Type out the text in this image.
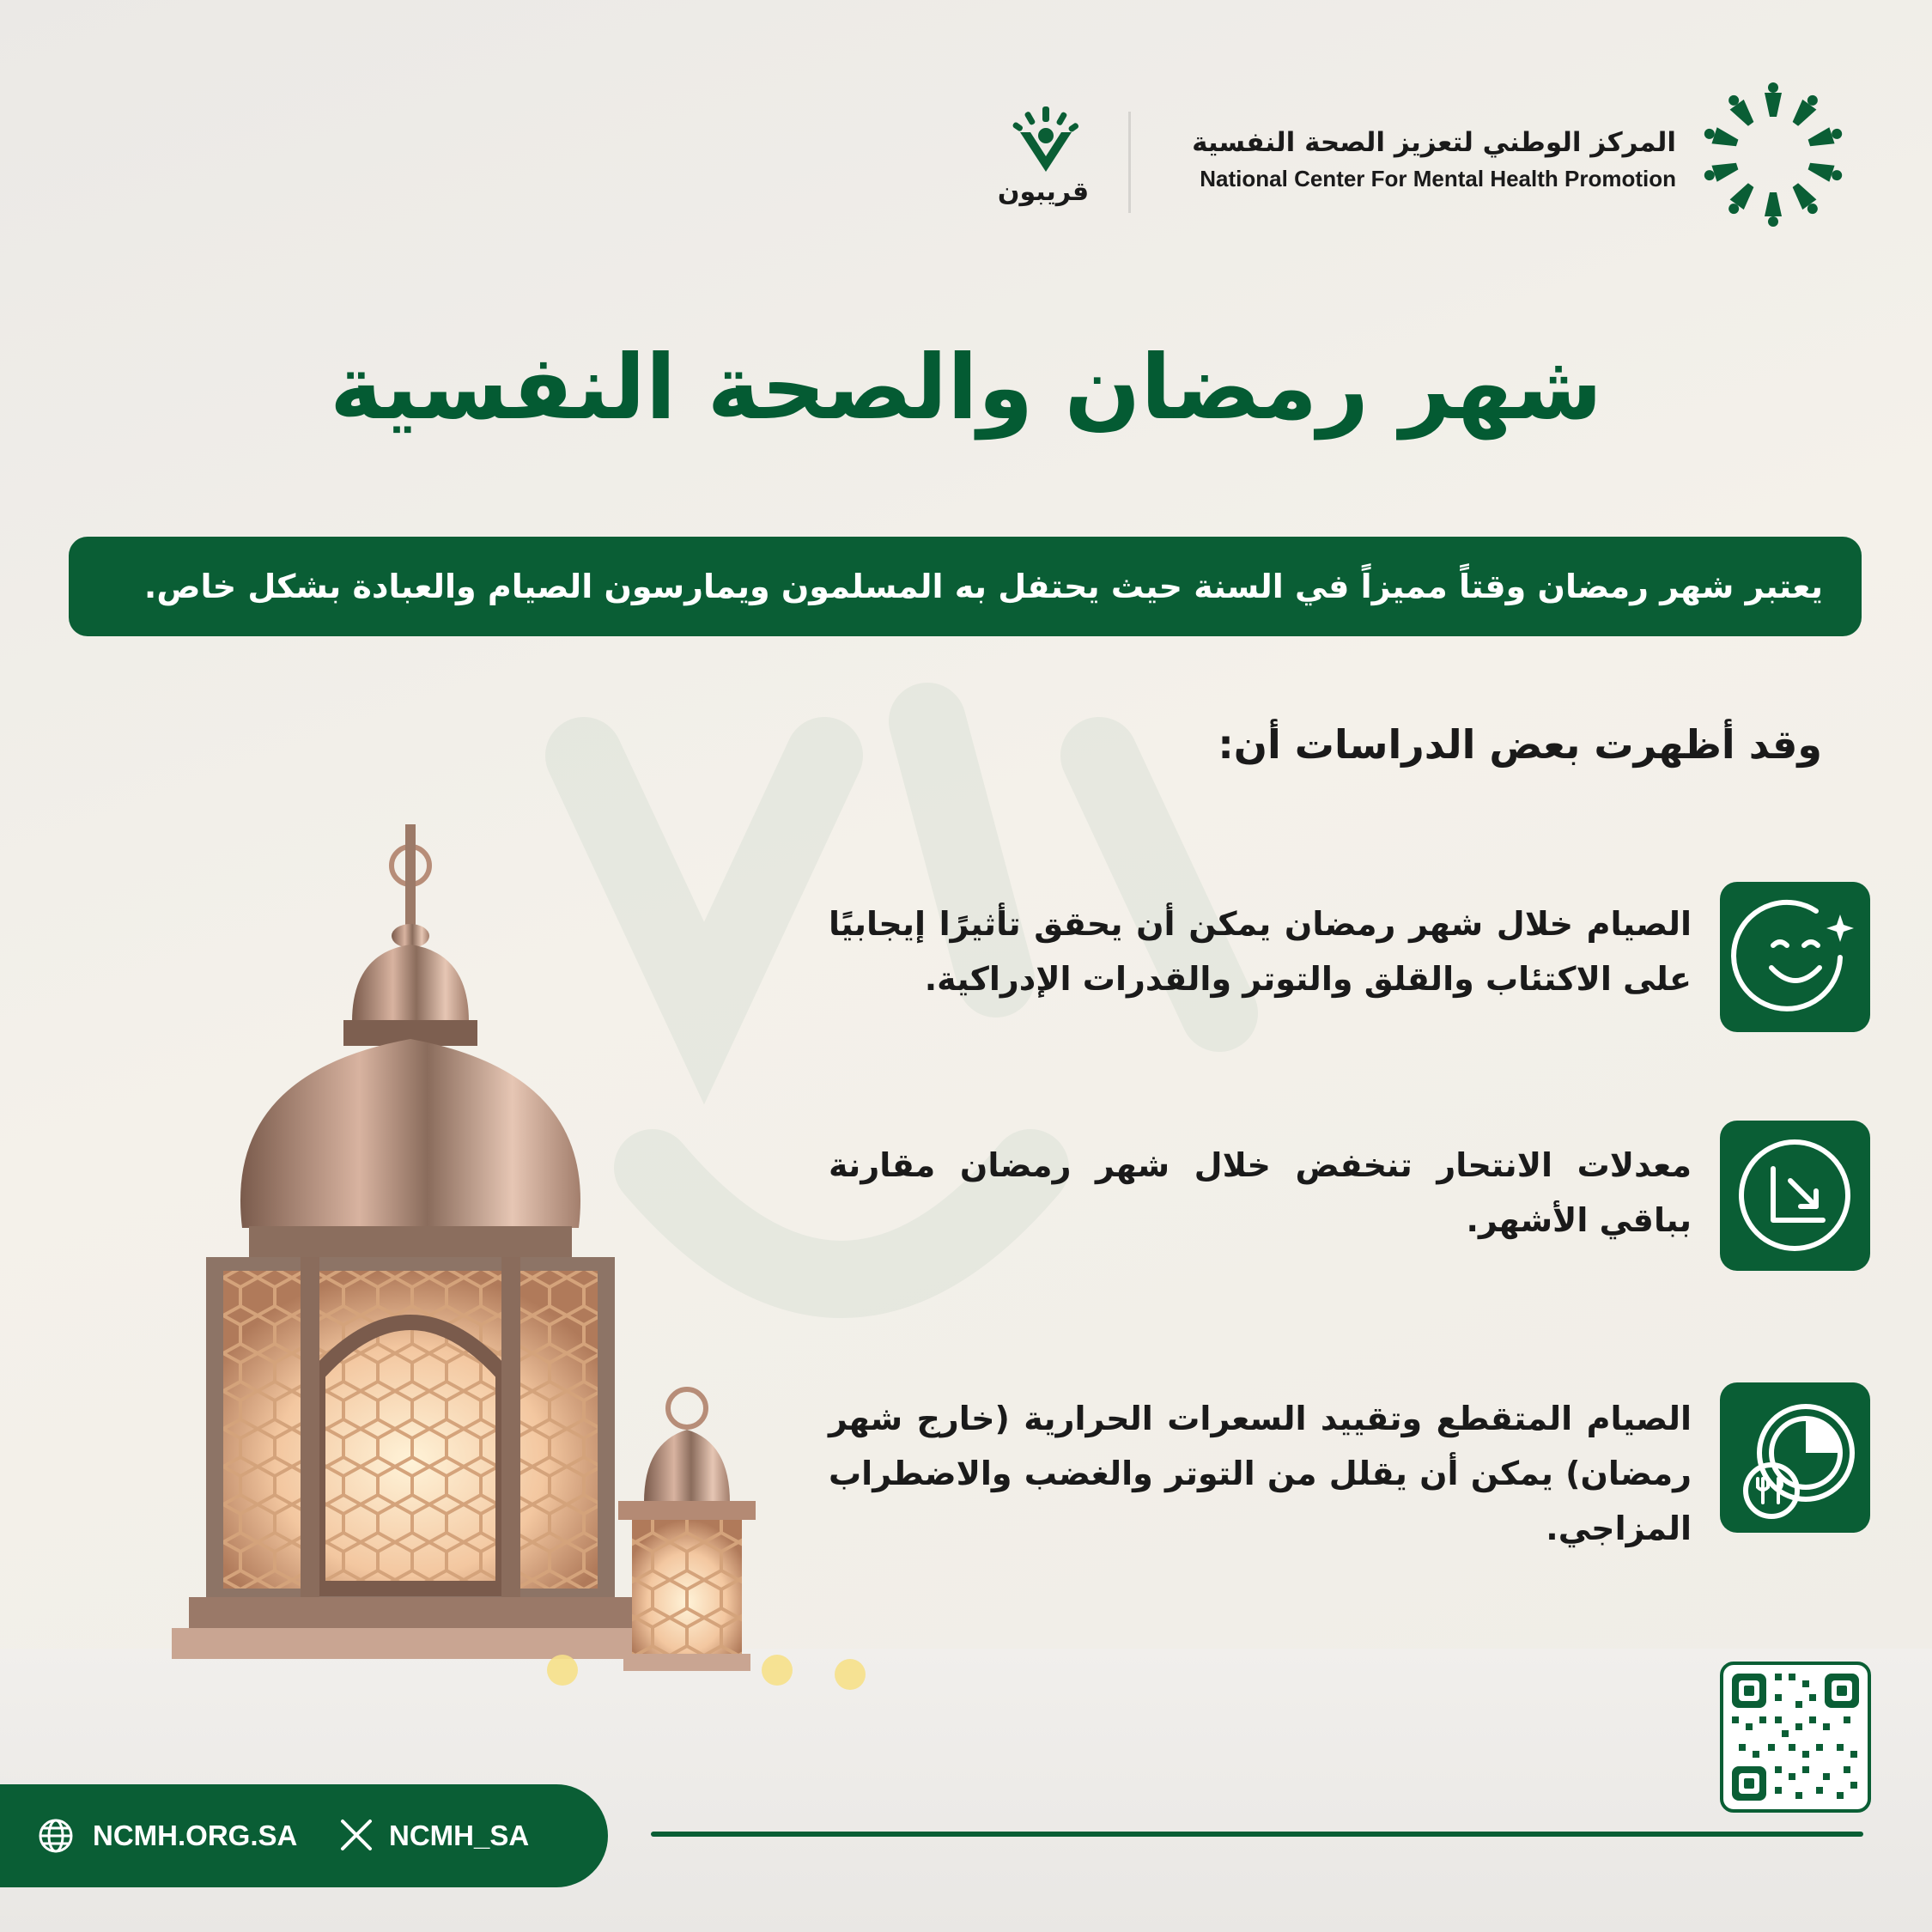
المركز الوطني لتعزيز الصحة النفسية
National Center For Mental Health Promotion
قريبون
شهر رمضان والصحة النفسية
يعتبر شهر رمضان وقتاً مميزاً في السنة حيث يحتفل به المسلمون ويمارسون الصيام والعبادة بشكل خاص.
وقد أظهرت بعض الدراسات أن:
الصيام خلال شهر رمضان يمكن أن يحقق تأثيرًا إيجابيًا على الاكتئاب والقلق والتوتر والقدرات الإدراكية.
معدلات الانتحار تنخفض خلال شهر رمضان مقارنة بباقي الأشهر.
الصيام المتقطع وتقييد السعرات الحرارية (خارج شهر رمضان) يمكن أن يقلل من التوتر والغضب والاضطراب المزاجي.
NCMH.ORG.SA	NCMH_SA
